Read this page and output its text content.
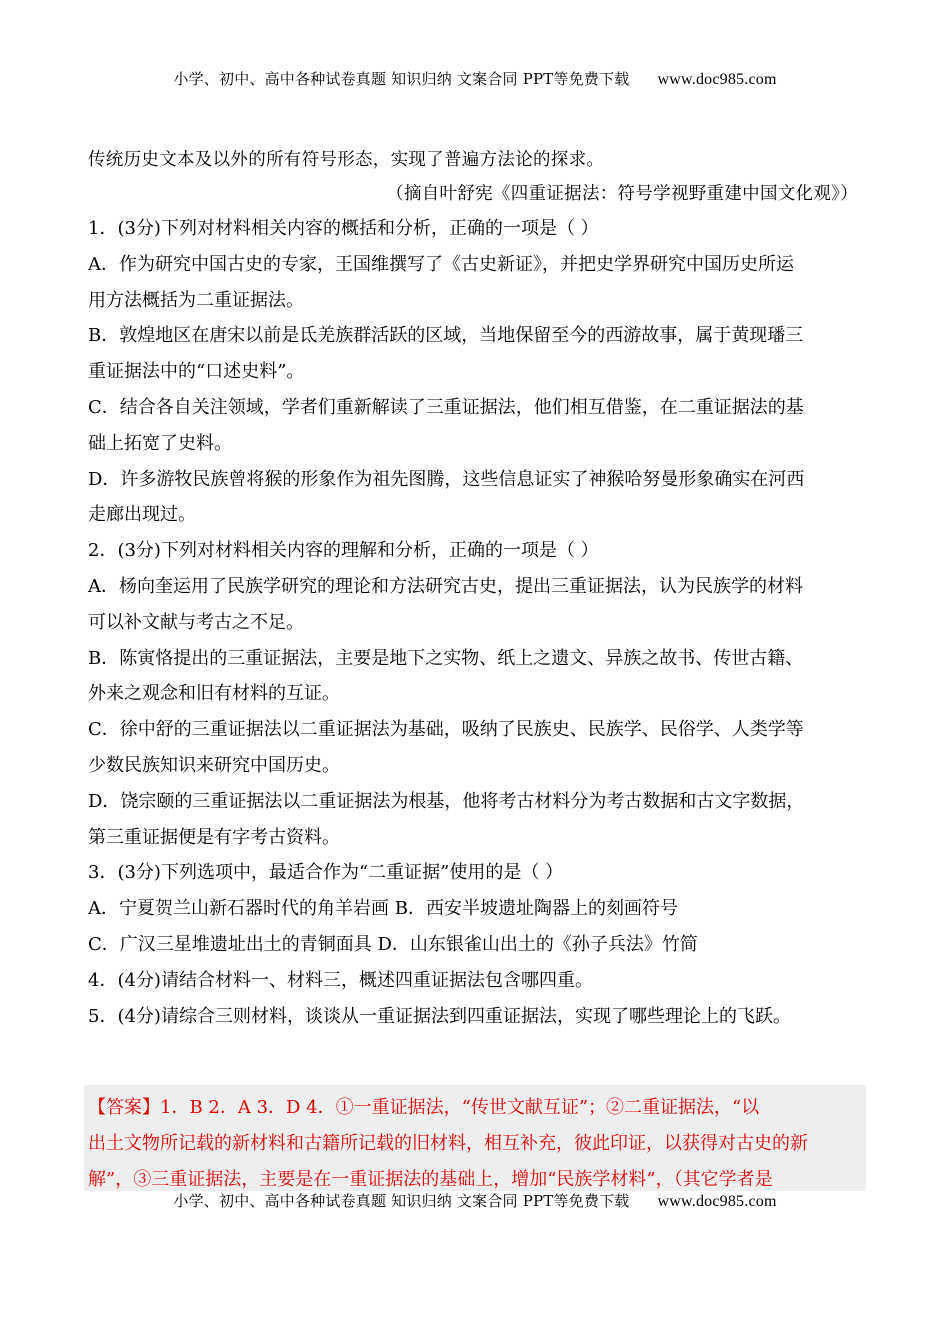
小学、初中、高中各种试卷真题 知识归纳 文案合同 PPT等免费下载 www.doc985.com
传统历史文本及以外的所有符号形态，实现了普遍方法论的探求。
（摘自叶舒宪《四重证据法：符号学视野重建中国文化观》）
1．(3分)下列对材料相关内容的概括和分析，正确的一项是（ ）
A．作为研究中国古史的专家，王国维撰写了《古史新证》，并把史学界研究中国历史所运
用方法概括为二重证据法。
B．敦煌地区在唐宋以前是氐羌族群活跃的区域，当地保留至今的西游故事，属于黄现璠三
重证据法中的“口述史料”。
C．结合各自关注领域，学者们重新解读了三重证据法，他们相互借鉴，在二重证据法的基
础上拓宽了史料。
D．许多游牧民族曾将猴的形象作为祖先图腾，这些信息证实了神猴哈努曼形象确实在河西
走廊出现过。
2．(3分)下列对材料相关内容的理解和分析，正确的一项是（ ）
A．杨向奎运用了民族学研究的理论和方法研究古史，提出三重证据法，认为民族学的材料
可以补文献与考古之不足。
B．陈寅恪提出的三重证据法，主要是地下之实物、纸上之遗文、异族之故书、传世古籍、
外来之观念和旧有材料的互证。
C．徐中舒的三重证据法以二重证据法为基础，吸纳了民族史、民族学、民俗学、人类学等
少数民族知识来研究中国历史。
D．饶宗颐的三重证据法以二重证据法为根基，他将考古材料分为考古数据和古文字数据，
第三重证据便是有字考古资料。
3．(3分)下列选项中，最适合作为“二重证据”使用的是（ ）
A．宁夏贺兰山新石器时代的角羊岩画 B．西安半坡遗址陶器上的刻画符号
C．广汉三星堆遗址出土的青铜面具 D．山东银雀山出土的《孙子兵法》竹简
4．(4分)请结合材料一、材料三，概述四重证据法包含哪四重。
5．(4分)请综合三则材料，谈谈从一重证据法到四重证据法，实现了哪些理论上的飞跃。
【答案】1．B 2．A 3．D 4．①一重证据法，“传世文献互证”；②二重证据法，“以
出土文物所记载的新材料和古籍所记载的旧材料，相互补充，彼此印证，以获得对古史的新
解”，③三重证据法，主要是在一重证据法的基础上，增加“民族学材料”，（其它学者是
小学、初中、高中各种试卷真题 知识归纳 文案合同 PPT等免费下载 www.doc985.com
